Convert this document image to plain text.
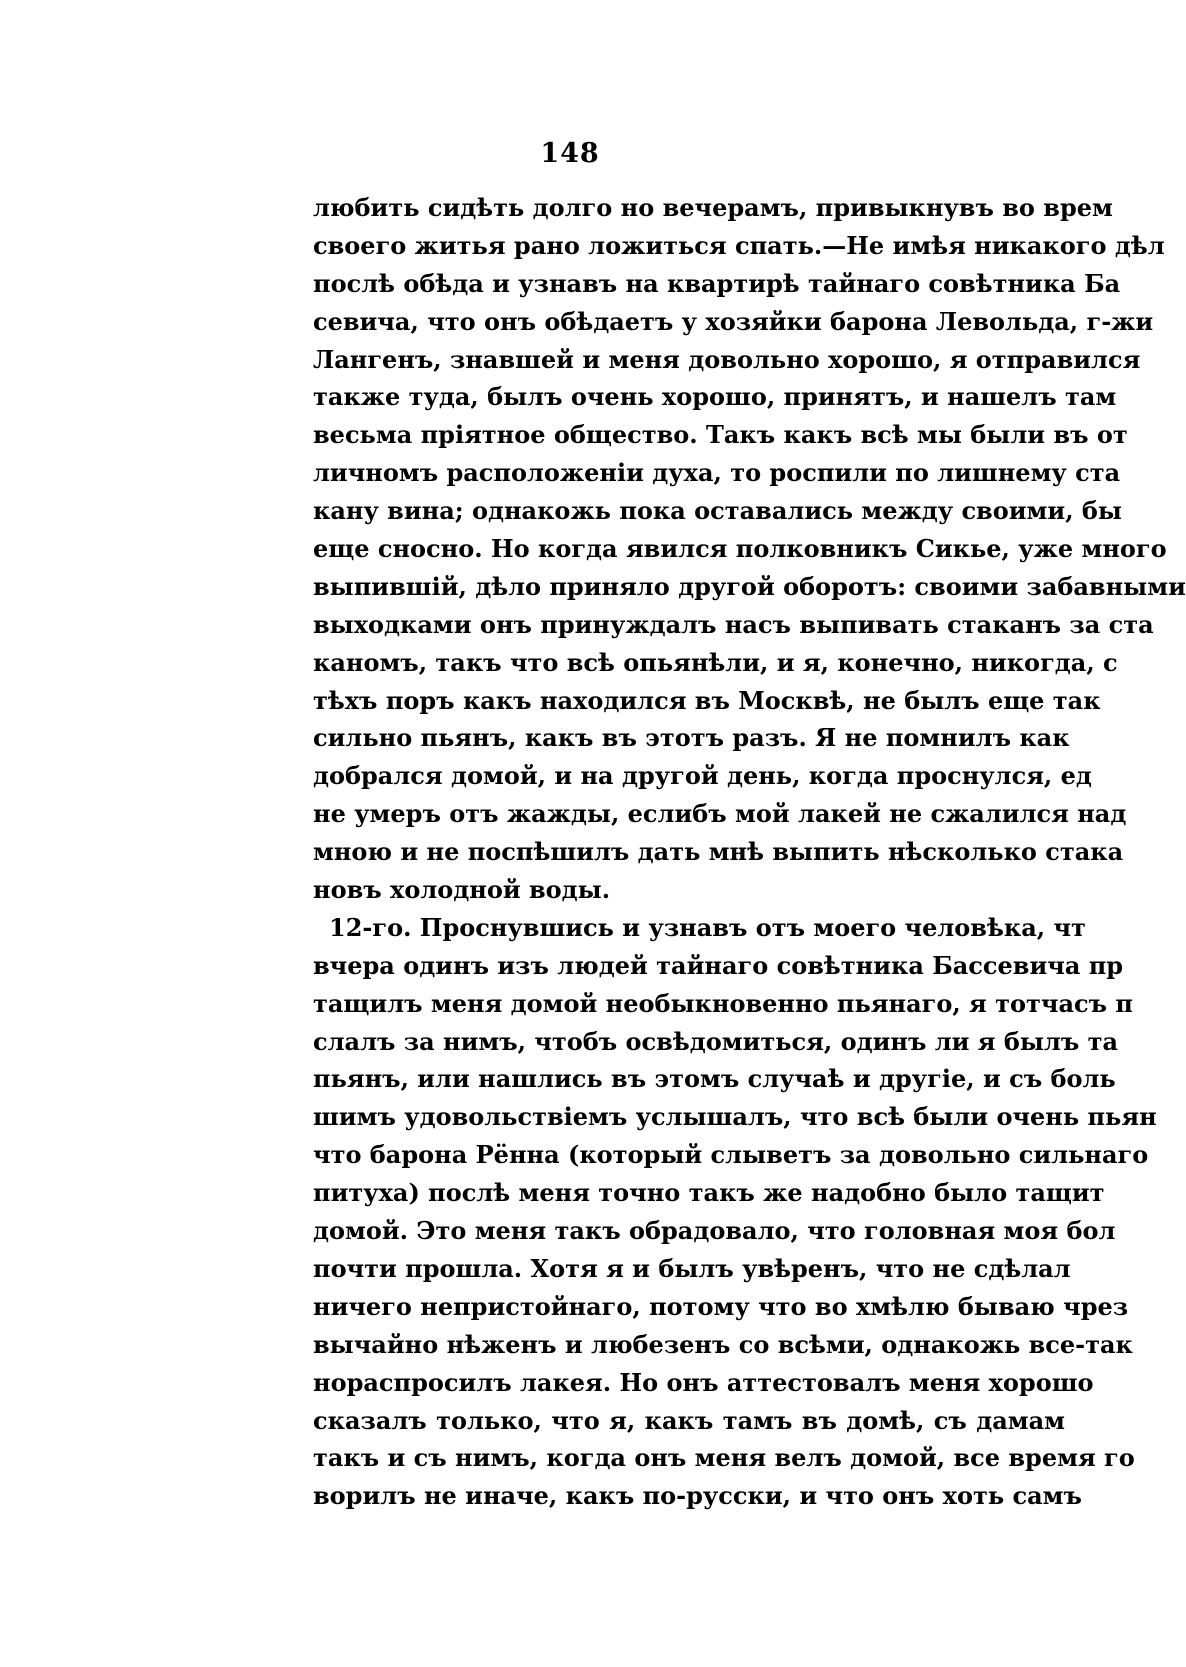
148
любить сидѣть долго но вечерамъ, привыкнувъ во врем
своего житья рано ложиться спать.—Не имѣя никакого дѣл
послѣ обѣда и узнавъ на квартирѣ тайнаго совѣтника Ба
севича, что онъ обѣдаетъ у хозяйки барона Левольда, г-жи
Лангенъ, знавшей и меня довольно хорошо, я отправился
также туда, былъ очень хорошо, принятъ, и нашелъ там
весьма пріятное общество. Такъ какъ всѣ мы были въ от
личномъ расположеніи духа, то роспили по лишнему ста
кану вина; однакожь пока оставались между своими, бы
еще сносно. Но когда явился полковникъ Сикье, уже много
выпившій, дѣло приняло другой оборотъ: своими забавными
выходками онъ принуждалъ насъ выпивать стаканъ за ста
каномъ, такъ что всѣ опьянѣли, и я, конечно, никогда, с
тѣхъ поръ какъ находился въ Москвѣ, не былъ еще так
сильно пьянъ, какъ въ этотъ разъ. Я не помнилъ как
добрался домой, и на другой день, когда проснулся, ед
не умеръ отъ жажды, еслибъ мой лакей не сжалился над
мною и не поспѣшилъ дать мнѣ выпить нѣсколько стака
новъ холодной воды.
12-го. Проснувшись и узнавъ отъ моего человѣка, чт
вчера одинъ изъ людей тайнаго совѣтника Бассевича пр
тащилъ меня домой необыкновенно пьянаго, я тотчасъ п
слалъ за нимъ, чтобъ освѣдомиться, одинъ ли я былъ та
пьянъ, или нашлись въ этомъ случаѣ и другіе, и съ боль
шимъ удовольствіемъ услышалъ, что всѣ были очень пьян
что барона Рённа (который слыветъ за довольно сильнаго
питуха) послѣ меня точно такъ же надобно было тащит
домой. Это меня такъ обрадовало, что головная моя бол
почти прошла. Хотя я и былъ увѣренъ, что не сдѣлал
ничего непристойнаго, потому что во хмѣлю бываю чрез
вычайно нѣженъ и любезенъ со всѣми, однакожь все-так
нораспросилъ лакея. Но онъ аттестовалъ меня хорошо
сказалъ только, что я, какъ тамъ въ домѣ, съ дамам
такъ и съ нимъ, когда онъ меня велъ домой, все время го
ворилъ не иначе, какъ по-русски, и что онъ хоть самъ
